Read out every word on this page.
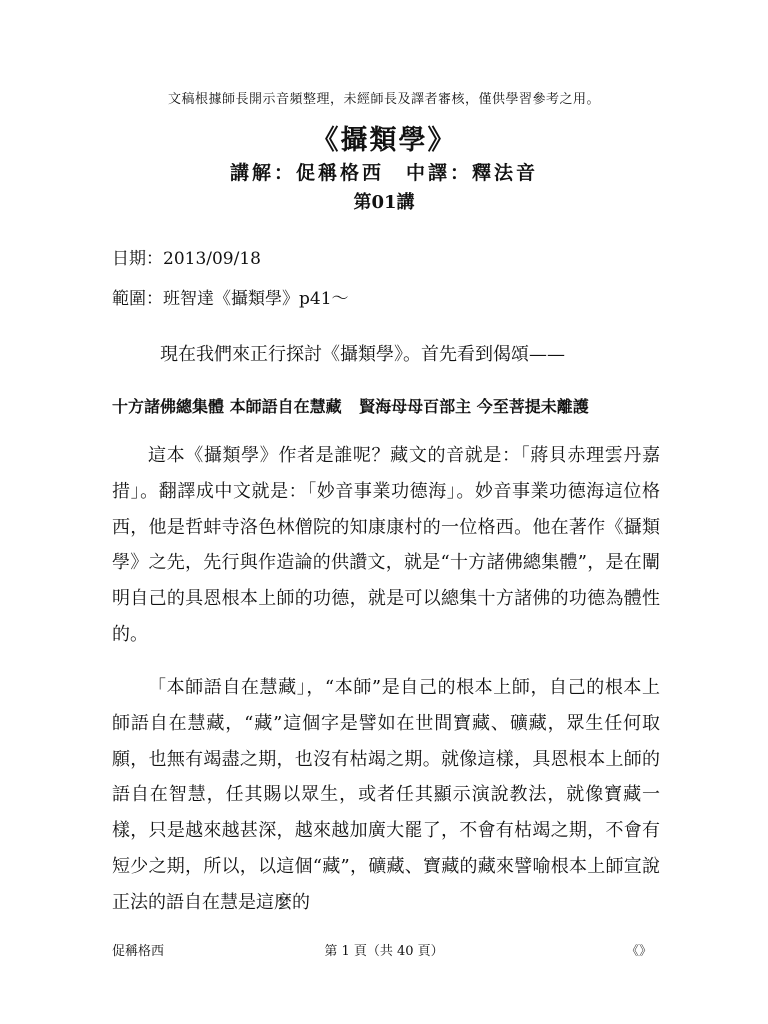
文稿根據師長開示音頻整理，未經師長及譯者審核，僅供學習參考之用。
《攝類學》
講解：促稱格西　中譯：釋法音
第01講
日期：2013/09/18
範圍：班智達《攝類學》p41～
現在我們來正行探討《攝類學》。首先看到偈頌——
十方諸佛總集體 本師語自在慧藏 賢海母母百部主 今至菩提未離護

這本《攝類學》作者是誰呢？藏文的音就是：「蔣貝赤理雲丹嘉措」。翻譯成中文就是：「妙音事業功德海」。妙音事業功德海這位格西，他是哲蚌寺洛色林僧院的知康康村的一位格西。他在著作《攝類學》之先，先行與作造論的供讚文，就是“十方諸佛總集體”，是在闡明自己的具恩根本上師的功德，就是可以總集十方諸佛的功德為體性的。

「本師語自在慧藏」，“本師”是自己的根本上師，自己的根本上師語自在慧藏，“藏”這個字是譬如在世間寶藏、礦藏，眾生任何取願，也無有竭盡之期，也沒有枯竭之期。就像這樣，具恩根本上師的語自在智慧，任其賜以眾生，或者任其顯示演說教法，就像寶藏一樣，只是越來越甚深，越來越加廣大罷了，不會有枯竭之期，不會有短少之期，所以，以這個“藏”，礦藏、寶藏的藏來譬喻根本上師宣說正法的語自在慧是這麼的

促稱格西	第 1 頁（共 40 頁）	《》
